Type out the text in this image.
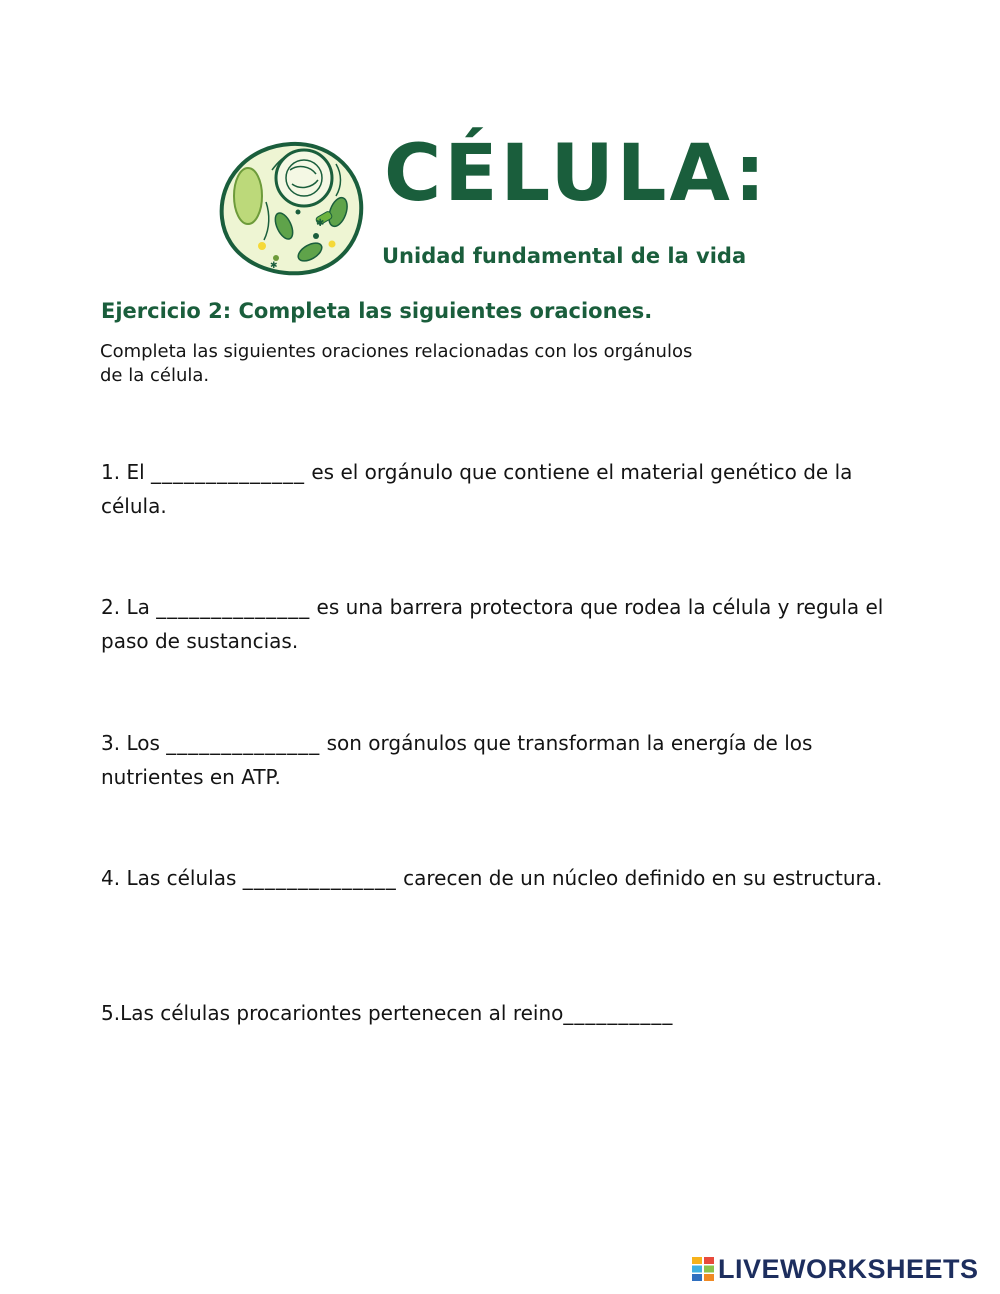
✱
✱
CÉLULA:

Unidad fundamental de la vida

Ejercicio 2: Completa las siguientes oraciones.

Completa las siguientes oraciones relacionadas con los orgánulos
de la célula.

1. El ______________ es el orgánulo que contiene el material genético de la célula.

2. La ______________ es una barrera protectora que rodea la célula y regula el paso de sustancias.

3. Los ______________ son orgánulos que transforman la energía de los nutrientes en ATP.

4. Las células ______________ carecen de un núcleo definido en su estructura.

5.Las células procariontes pertenecen al reino__________

LIVEWORKSHEETS
